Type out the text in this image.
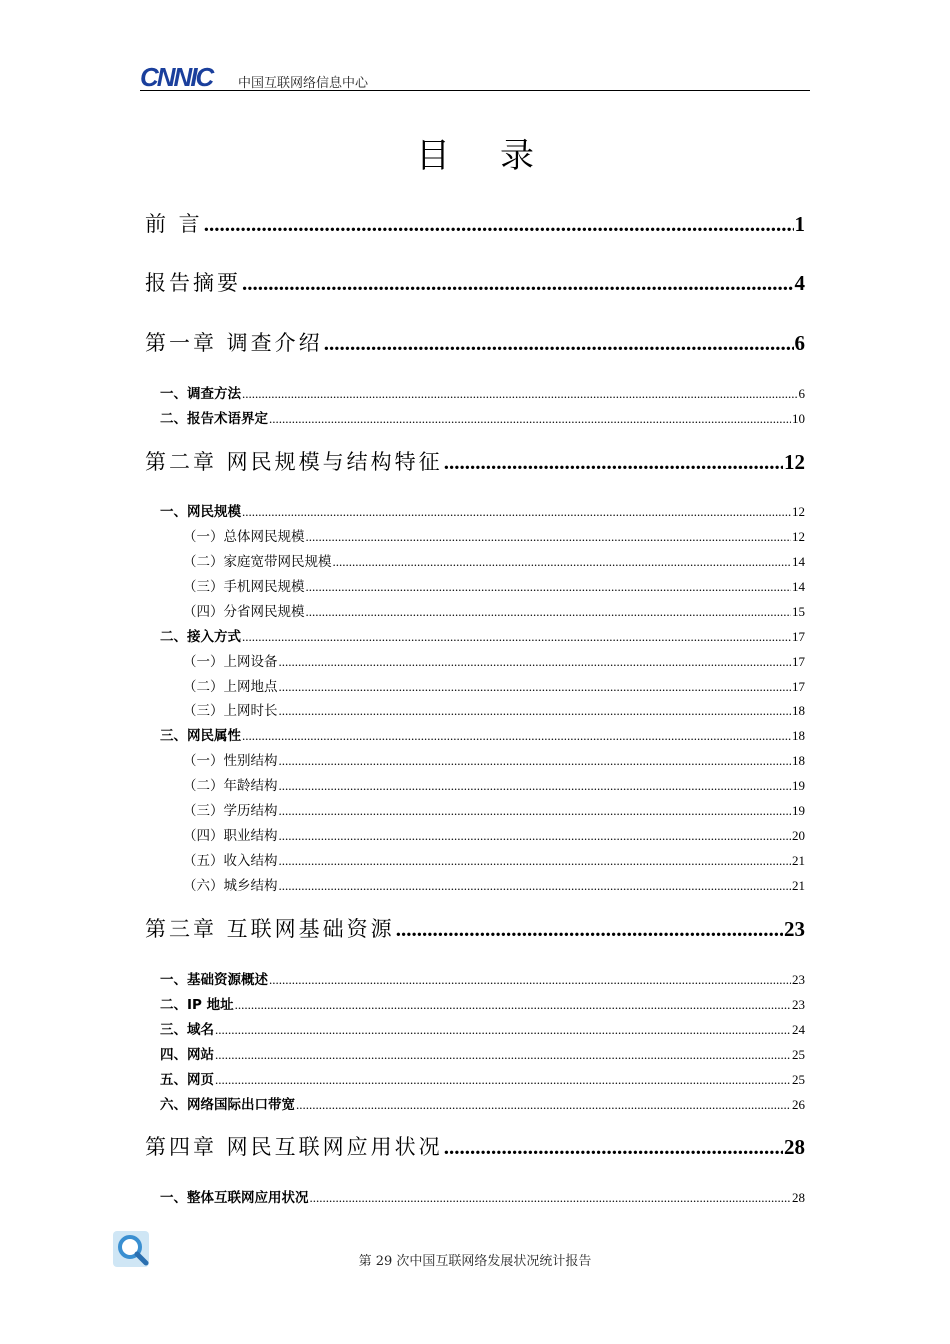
CNNIC 中国互联网络信息中心
目录
前 言 .....	1
报告摘要 .....	4
第一章 调查介绍 .....	6
一、调查方法 .....	6
二、报告术语界定 .....	10
第二章 网民规模与结构特征 .....	12
一、网民规模 .....	12
（一）总体网民规模 .....	12
（二）家庭宽带网民规模 .....	14
（三）手机网民规模 .....	14
（四）分省网民规模 .....	15
二、接入方式 .....	17
（一）上网设备 .....	17
（二）上网地点 .....	17
（三）上网时长 .....	18
三、网民属性 .....	18
（一）性别结构 .....	18
（二）年龄结构 .....	19
（三）学历结构 .....	19
（四）职业结构 .....	20
（五）收入结构 .....	21
（六）城乡结构 .....	21
第三章 互联网基础资源 .....	23
一、基础资源概述 .....	23
二、IP 地址 .....	23
三、域名 .....	24
四、网站 .....	25
五、网页 .....	25
六、网络国际出口带宽 .....	26
第四章 网民互联网应用状况 .....	28
一、整体互联网应用状况 .....	28
第 29 次中国互联网络发展状况统计报告
